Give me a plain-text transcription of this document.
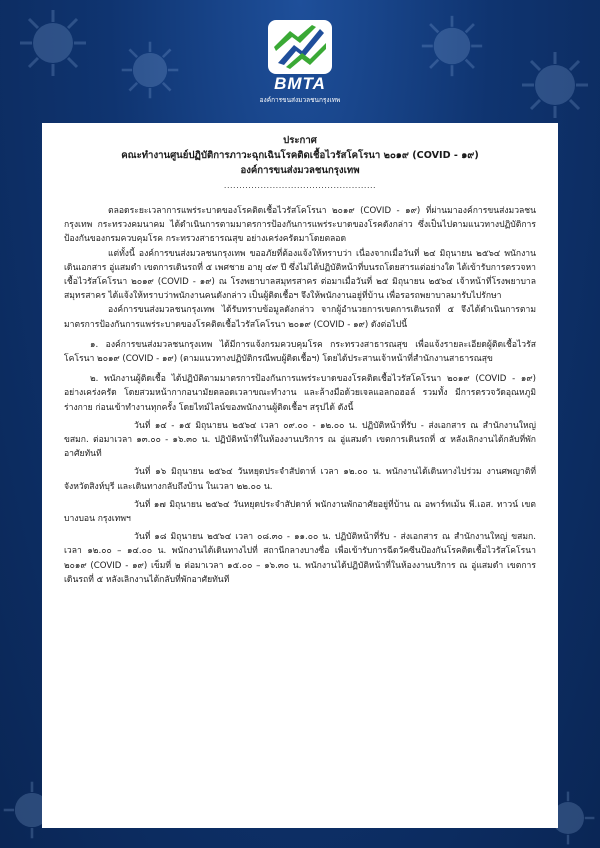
BMTA
องค์การขนส่งมวลชนกรุงเทพ

ประกาศ

คณะทำงานศูนย์ปฏิบัติการภาวะฉุกเฉินโรคติดเชื้อไวรัสโคโรนา ๒๐๑๙ (COVID - ๑๙)

องค์การขนส่งมวลชนกรุงเทพ

..................................................

ตลอดระยะเวลาการแพร่ระบาดของโรคติดเชื้อไวรัสโคโรนา ๒๐๑๙ (COVID - ๑๙) ที่ผ่านมาองค์การขนส่งมวลชนกรุงเทพ กระทรวงคมนาคม ได้ดำเนินการตามมาตรการป้องกันการแพร่ระบาดของโรคดังกล่าว ซึ่งเป็นไปตามแนวทางปฏิบัติการป้องกันของกรมควบคุมโรค กระทรวงสาธารณสุข อย่างเคร่งครัดมาโดยตลอด

แต่ทั้งนี้ องค์การขนส่งมวลชนกรุงเทพ ขออภัยที่ต้องแจ้งให้ทราบว่า เนื่องจากเมื่อวันที่ ๒๔ มิถุนายน ๒๕๖๔ พนักงานเดินเอกสาร อู่แสมดำ เขตการเดินรถที่ ๕ เพศชาย อายุ ๔๙ ปี ซึ่งไม่ได้ปฏิบัติหน้าที่บนรถโดยสารแต่อย่างใด ได้เข้ารับการตรวจหาเชื้อไวรัสโคโรนา ๒๐๑๙ (COVID - ๑๙) ณ โรงพยาบาลสมุทรสาคร ต่อมาเมื่อวันที่ ๒๕ มิถุนายน ๒๕๖๔ เจ้าหน้าที่โรงพยาบาลสมุทรสาคร ได้แจ้งให้ทราบว่าพนักงานคนดังกล่าว เป็นผู้ติดเชื้อฯ จึงให้พนักงานอยู่ที่บ้าน เพื่อรอรถพยาบาลมารับไปรักษา

องค์การขนส่งมวลชนกรุงเทพ ได้รับทราบข้อมูลดังกล่าว จากผู้อำนวยการเขตการเดินรถที่ ๕ จึงได้ดำเนินการตามมาตรการป้องกันการแพร่ระบาดของโรคติดเชื้อไวรัสโคโรนา ๒๐๑๙ (COVID - ๑๙) ดังต่อไปนี้

๑. องค์การขนส่งมวลชนกรุงเทพ ได้มีการแจ้งกรมควบคุมโรค กระทรวงสาธารณสุข เพื่อแจ้งรายละเอียดผู้ติดเชื้อไวรัสโคโรนา ๒๐๑๙ (COVID - ๑๙) (ตามแนวทางปฏิบัติกรณีพบผู้ติดเชื้อฯ) โดยได้ประสานเจ้าหน้าที่สำนักงานสาธารณสุข

๒. พนักงานผู้ติดเชื้อ ได้ปฏิบัติตามมาตรการป้องกันการแพร่ระบาดของโรคติดเชื้อไวรัสโคโรนา ๒๐๑๙ (COVID - ๑๙) อย่างเคร่งครัด โดยสวมหน้ากากอนามัยตลอดเวลาขณะทำงาน และล้างมือด้วยเจลแอลกอฮอล์ รวมทั้ง มีการตรวจวัดอุณหภูมิร่างกาย ก่อนเข้าทำงานทุกครั้ง โดยไทม์ไลน์ของพนักงานผู้ติดเชื้อฯ สรุปได้ ดังนี้

วันที่ ๑๔ - ๑๕ มิถุนายน ๒๕๖๔ เวลา ๐๙.๐๐ - ๑๒.๐๐ น. ปฏิบัติหน้าที่รับ - ส่งเอกสาร ณ สำนักงานใหญ่ ขสมก. ต่อมาเวลา ๑๓.๐๐ - ๑๖.๓๐ น. ปฏิบัติหน้าที่ในห้องงานบริการ ณ อู่แสมดำ เขตการเดินรถที่ ๕ หลังเลิกงานได้กลับที่พักอาศัยทันที

วันที่ ๑๖ มิถุนายน ๒๕๖๔ วันหยุดประจำสัปดาห์ เวลา ๑๒.๐๐ น. พนักงานได้เดินทางไปร่วม งานศพญาติที่จังหวัดสิงห์บุรี และเดินทางกลับถึงบ้าน ในเวลา ๒๒.๐๐ น.

วันที่ ๑๗ มิถุนายน ๒๕๖๔ วันหยุดประจำสัปดาห์ พนักงานพักอาศัยอยู่ที่บ้าน ณ อพาร์ทเม้น พี.เอส. ทาวน์ เขตบางบอน กรุงเทพฯ

วันที่ ๑๘ มิถุนายน ๒๕๖๔ เวลา ๐๘.๓๐ - ๑๑.๐๐ น. ปฏิบัติหน้าที่รับ - ส่งเอกสาร ณ สำนักงานใหญ่ ขสมก. เวลา ๑๒.๐๐ – ๑๔.๐๐ น. พนักงานได้เดินทางไปที่ สถานีกลางบางซื่อ เพื่อเข้ารับการฉีดวัคซีนป้องกันโรคติดเชื้อไวรัสโคโรนา ๒๐๑๙ (COVID - ๑๙) เข็มที่ ๒ ต่อมาเวลา ๑๕.๐๐ – ๑๖.๓๐ น. พนักงานได้ปฏิบัติหน้าที่ในห้องงานบริการ ณ อู่แสมดำ เขตการเดินรถที่ ๕ หลังเลิกงานได้กลับที่พักอาศัยทันที
